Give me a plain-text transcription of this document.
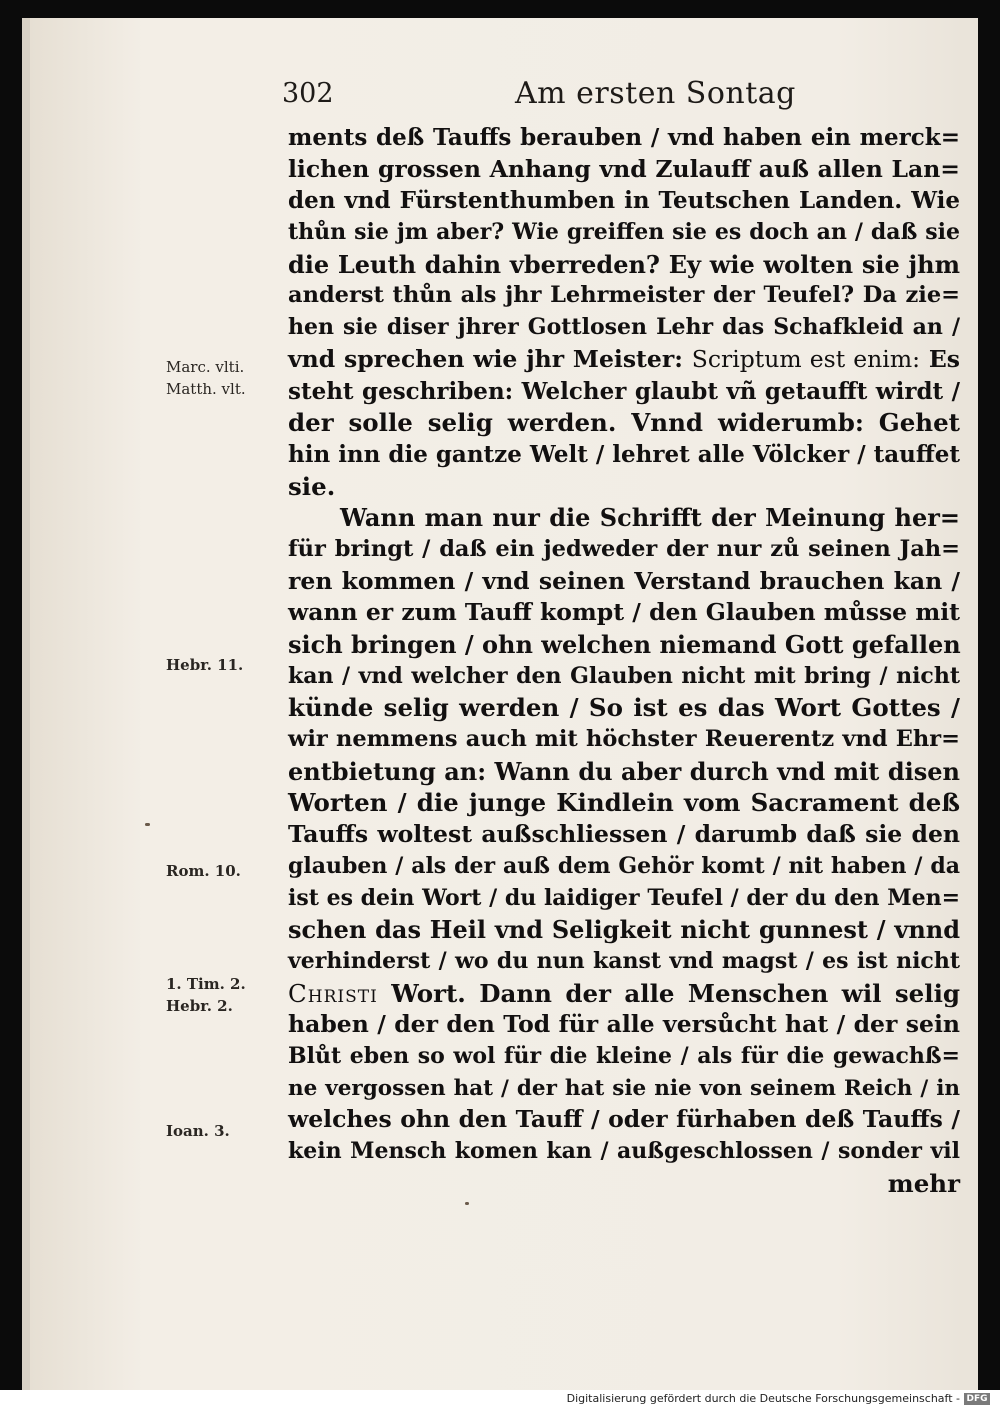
302	Am ersten Sontag
Marc. vlti.
Matth. vlt.
Hebr. 11.
Rom. 10.
1. Tim. 2.
Hebr. 2.
Ioan. 3.
ments deß Tauffs berauben / vnd haben ein merck=
lichen grossen Anhang vnd Zulauff auß allen Lan=
den vnd Fürstenthumben in Teutschen Landen. Wie
thůn sie jm aber? Wie greiffen sie es doch an / daß sie
die Leuth dahin vberreden? Ey wie wolten sie jhm
anderst thůn als jhr Lehrmeister der Teufel? Da zie=
hen sie diser jhrer Gottlosen Lehr das Schafkleid an /
vnd sprechen wie jhr Meister: Scriptum est enim: Es
steht geschriben: Welcher glaubt vñ getaufft wirdt /
der solle selig werden. Vnnd widerumb: Gehet
hin inn die gantze Welt / lehret alle Völcker / tauffet
sie.
Wann man nur die Schrifft der Meinung her=
für bringt / daß ein jedweder der nur zů seinen Jah=
ren kommen / vnd seinen Verstand brauchen kan /
wann er zum Tauff kompt / den Glauben můsse mit
sich bringen / ohn welchen niemand Gott gefallen
kan / vnd welcher den Glauben nicht mit bring / nicht
künde selig werden / So ist es das Wort Gottes /
wir nemmens auch mit höchster Reuerentz vnd Ehr=
entbietung an: Wann du aber durch vnd mit disen
Worten / die junge Kindlein vom Sacrament deß
Tauffs woltest außschliessen / darumb daß sie den
glauben / als der auß dem Gehör komt / nit haben / da
ist es dein Wort / du laidiger Teufel / der du den Men=
schen das Heil vnd Seligkeit nicht gunnest / vnnd
verhinderst / wo du nun kanst vnd magst / es ist nicht
Christi Wort. Dann der alle Menschen wil selig
haben / der den Tod für alle versůcht hat / der sein
Blůt eben so wol für die kleine / als für die gewachß=
ne vergossen hat / der hat sie nie von seinem Reich / in
welches ohn den Tauff / oder fürhaben deß Tauffs /
kein Mensch komen kan / außgeschlossen / sonder vil
mehr
Digitalisierung gefördert durch die Deutsche Forschungsgemeinschaft - DFG
